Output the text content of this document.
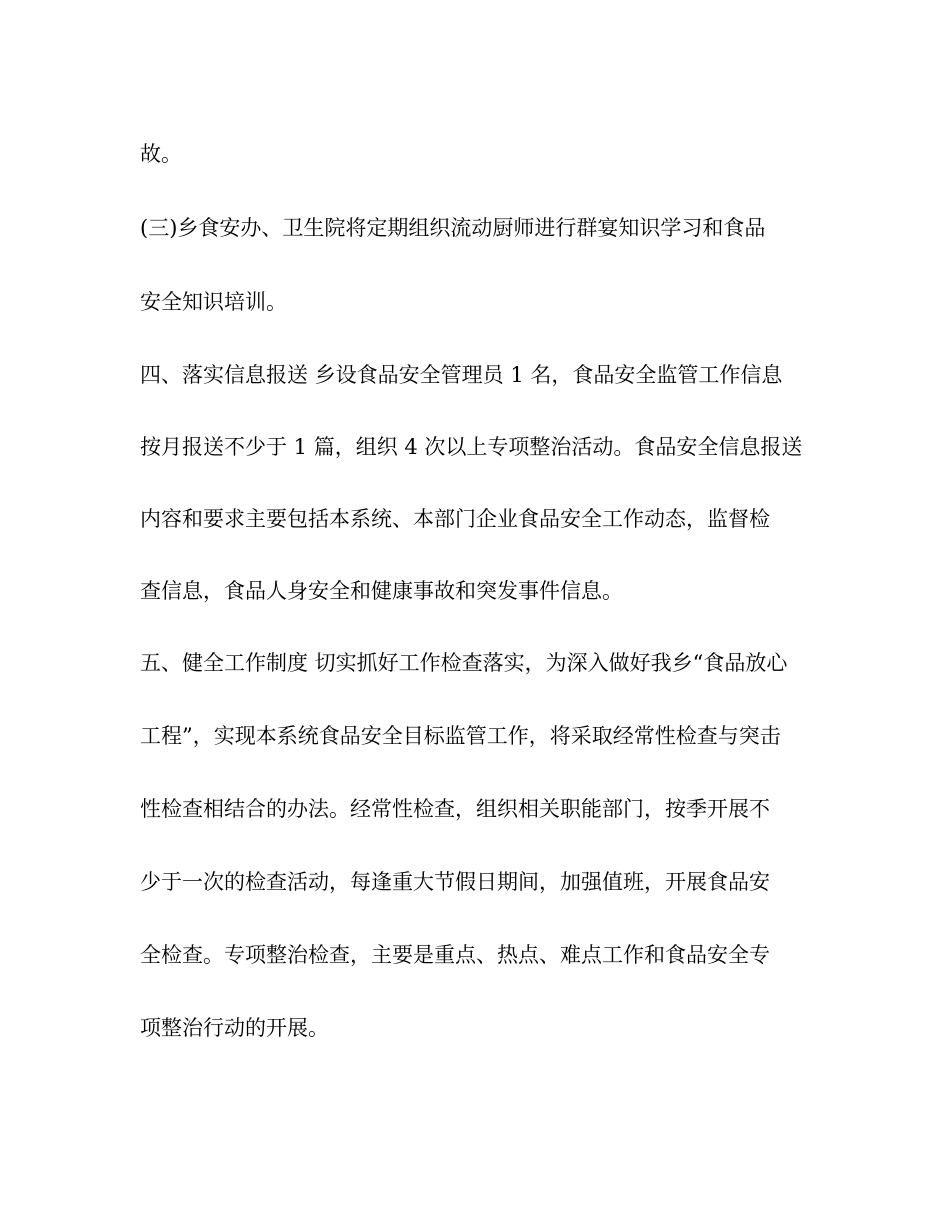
故。

(三)乡食安办、卫生院将定期组织流动厨师进行群宴知识学习和食品

安全知识培训。

四、落实信息报送 乡设食品安全管理员 1 名，食品安全监管工作信息

按月报送不少于 1 篇，组织 4 次以上专项整治活动。食品安全信息报送

内容和要求主要包括本系统、本部门企业食品安全工作动态，监督检

查信息，食品人身安全和健康事故和突发事件信息。

五、健全工作制度 切实抓好工作检查落实，为深入做好我乡“食品放心

工程”，实现本系统食品安全目标监管工作，将采取经常性检查与突击

性检查相结合的办法。经常性检查，组织相关职能部门，按季开展不

少于一次的检查活动，每逢重大节假日期间，加强值班，开展食品安

全检查。专项整治检查，主要是重点、热点、难点工作和食品安全专

项整治行动的开展。
